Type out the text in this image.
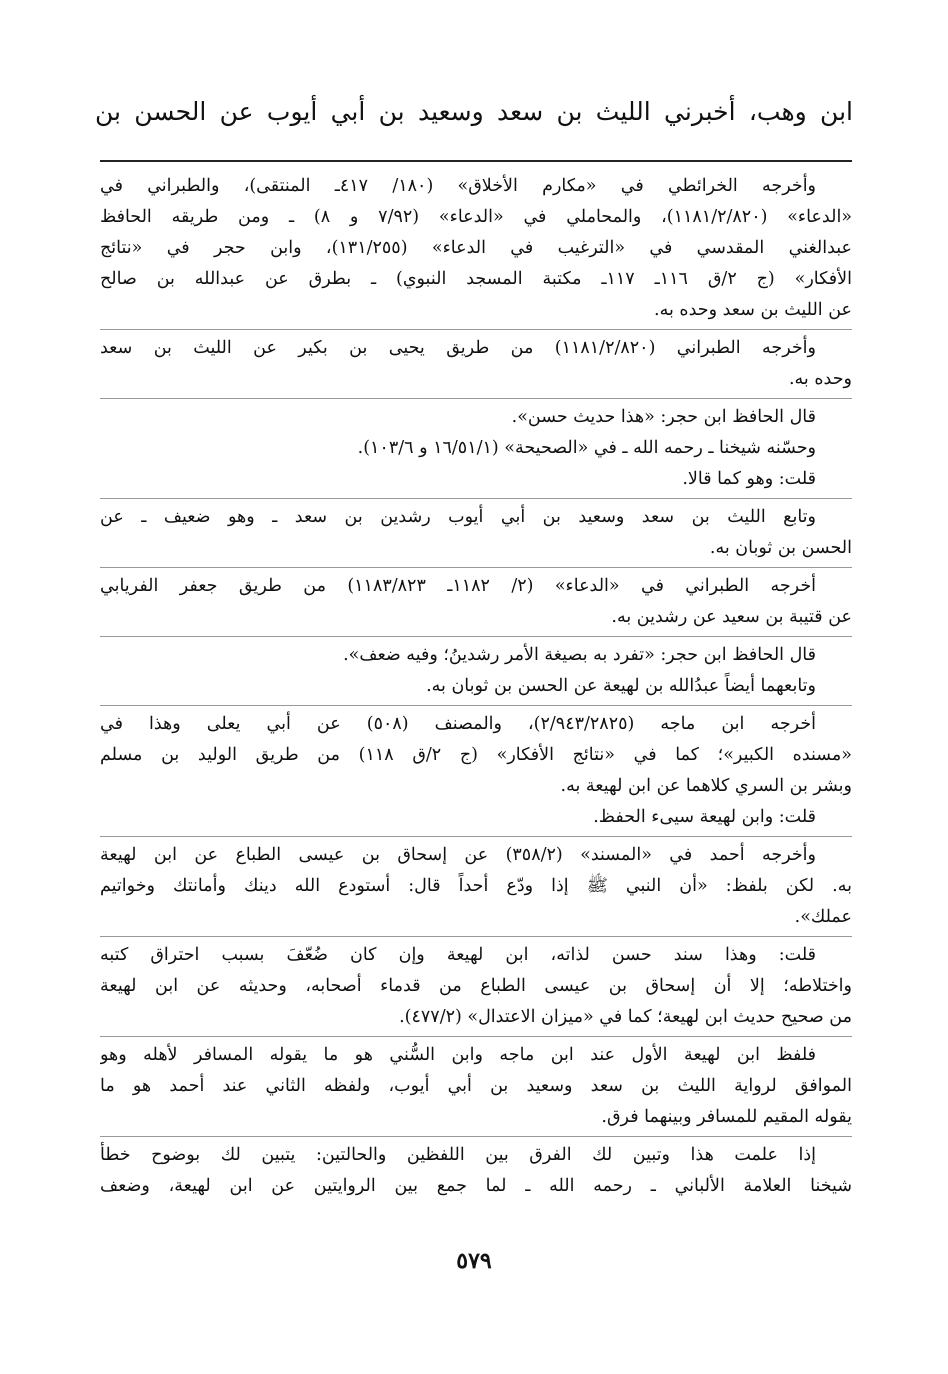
ابن وهب، أخبرني الليث بن سعد وسعيد بن أبي أيوب عن الحسن بن
وأخرجه الخرائطي في «مكارم الأخلاق» (١٨٠/ ٤١٧ـ المنتقى)، والطبراني في
«الدعاء» (١١٨١/٢/٨٢٠)، والمحاملي في «الدعاء» (٧/٩٢ و ٨) ـ ومن طريقه الحافظ
عبدالغني المقدسي في «الترغيب في الدعاء» (١٣١/٢٥٥)، وابن حجر في «نتائج
الأفكار» (ج ٢/ق ١١٦ـ ١١٧ـ مكتبة المسجد النبوي) ـ بطرق عن عبدالله بن صالح
عن الليث بن سعد وحده به.
وأخرجه الطبراني (١١٨١/٢/٨٢٠) من طريق يحيى بن بكير عن الليث بن سعد
وحده به.
قال الحافظ ابن حجر: «هذا حديث حسن».
وحسّنه شيخنا ـ رحمه الله ـ في «الصحيحة» (١٦/٥١/١ و ١٠٣/٦).
قلت: وهو كما قالا.
وتابع الليث بن سعد وسعيد بن أبي أيوب رشدين بن سعد ـ وهو ضعيف ـ عن
الحسن بن ثوبان به.
أخرجه الطبراني في «الدعاء» (٢/ ١١٨٢ـ ١١٨٣/٨٢٣) من طريق جعفر الفريابي
عن قتيبة بن سعيد عن رشدين به.
قال الحافظ ابن حجر: «تفرد به بصيغة الأمر رشدينُ؛ وفيه ضعف».
وتابعهما أيضاً عبدُالله بن لهيعة عن الحسن بن ثوبان به.
أخرجه ابن ماجه (٢/٩٤٣/٢٨٢٥)، والمصنف (٥٠٨) عن أبي يعلى وهذا في
«مسنده الكبير»؛ كما في «نتائج الأفكار» (ج ٢/ق ١١٨) من طريق الوليد بن مسلم
وبشر بن السري كلاهما عن ابن لهيعة به.
قلت: وابن لهيعة سيىء الحفظ.
وأخرجه أحمد في «المسند» (٣٥٨/٢) عن إسحاق بن عيسى الطباع عن ابن لهيعة
به. لكن بلفظ: «أن النبي ﷺ إذا ودّع أحداً قال: أستودع الله دينك وأمانتك وخواتيم
عملك».
قلت: وهذا سند حسن لذاته، ابن لهيعة وإن كان ضُعّفَ بسبب احتراق كتبه
واختلاطه؛ إلا أن إسحاق بن عيسى الطباع من قدماء أصحابه، وحديثه عن ابن لهيعة
من صحيح حديث ابن لهيعة؛ كما في «ميزان الاعتدال» (٤٧٧/٢).
فلفظ ابن لهيعة الأول عند ابن ماجه وابن السُّني هو ما يقوله المسافر لأهله وهو
الموافق لرواية الليث بن سعد وسعيد بن أبي أيوب، ولفظه الثاني عند أحمد هو ما
يقوله المقيم للمسافر وبينهما فرق.
إذا علمت هذا وتبين لك الفرق بين اللفظين والحالتين: يتبين لك بوضوح خطأ
شيخنا العلامة الألباني ـ رحمه الله ـ لما جمع بين الروايتين عن ابن لهيعة، وضعف
٥٧٩
